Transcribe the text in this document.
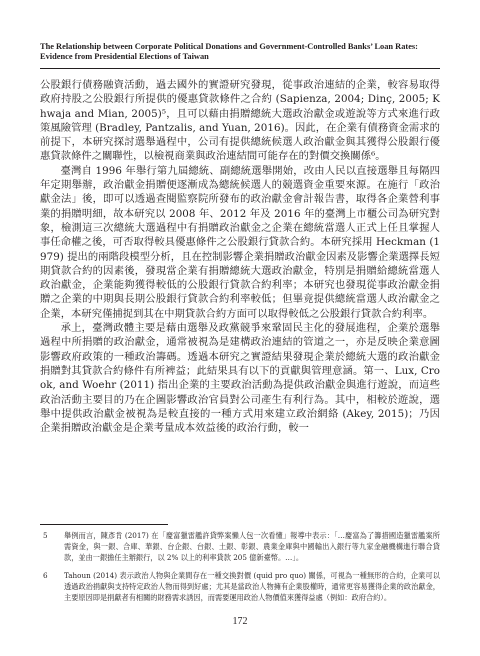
The Relationship between Corporate Political Donations and Government-Controlled Banks’ Loan Rates:
Evidence from Presidential Elections of Taiwan

公股銀行債務融資活動，過去國外的實證研究發現，從事政治連結的企業，較容易取得政府持股之公股銀行所提供的優惠貸款條件之合約 (Sapienza, 2004; Dinç, 2005; Khwaja and Mian, 2005)⁵，且可以藉由捐贈總統大選政治獻金或遊說等方式來進行政策風險管理 (Bradley, Pantzalis, and Yuan, 2016)。因此，在企業有債務資金需求的前提下，本研究探討選舉過程中，公司有提供總統候選人政治獻金與其獲得公股銀行優惠貸款條件之關聯性，以檢視商業與政治連結間可能存在的對價交換關係⁶。

臺灣自 1996 年舉行第九屆總統、副總統選舉開始，改由人民以直接選舉且每隔四年定期舉辦，政治獻金捐贈便逐漸成為總統候選人的競選資金重要來源。在施行「政治獻金法」後，即可以透過查閱監察院所發布的政治獻金會計報告書，取得各企業營利事業的捐贈明細，故本研究以 2008 年、2012 年及 2016 年的臺灣上市櫃公司為研究對象，檢測這三次總統大選過程中有捐贈政治獻金之企業在總統當選人正式上任且掌握人事任命權之後，可否取得較具優惠條件之公股銀行貸款合約。本研究採用 Heckman (1979) 提出的兩階段模型分析，且在控制影響企業捐贈政治獻金因素及影響企業選擇長短期貸款合約的因素後，發現當企業有捐贈總統大選政治獻金，特別是捐贈給總統當選人政治獻金，企業能夠獲得較低的公股銀行貸款合約利率；本研究也發現從事政治獻金捐贈之企業的中期與長期公股銀行貸款合約利率較低；但畢竟提供總統當選人政治獻金之企業，本研究僅捕捉到其在中期貸款合約方面可以取得較低之公股銀行貸款合約利率。

承上，臺灣政體主要是藉由選舉及政黨競爭來鞏固民主化的發展進程，企業於選舉過程中所捐贈的政治獻金，通常被視為是建構政治連結的管道之一，亦是反映企業意圖影響政府政策的一種政治籌碼。透過本研究之實證結果發現企業於總統大選的政治獻金捐贈對其貸款合約條件有所裨益；此結果具有以下的貢獻與管理意涵。第一、Lux, Crook, and Woehr (2011) 指出企業的主要政治活動為提供政治獻金與進行遊說，而這些政治活動主要目的乃在企圖影響政治官員對公司產生有利行為。其中，相較於遊說，選舉中提供政治獻金被視為是較直接的一種方式用來建立政治網絡 (Akey, 2015)；乃因企業捐贈政治獻金是企業考量成本效益後的政治行動，較一

5	舉例而言，陳彥肯 (2017) 在「慶富獵雷艦許貸弊案懶人包一次看懂」報導中表示：「…慶富為了籌措國造獵雷艦案所需資金，與一銀、合庫、華銀、台企銀、台銀、土銀、彰銀、農業金庫與中國輸出入銀行等九家金融機構進行聯合貸款，並由一銀擔任主辦銀行，以 2% 以上的利率貸款 205 億新臺幣。…」。
6	Tahoun (2014) 表示政治人物與企業間存在一種交換對價 (quid pro quo) 關係，可視為一種無形的合約，企業可以透過政治捐獻與支持特定政治人物而得到好處；尤其是當政治人物擁有企業股權時，通常更容易獲得企業的政治獻金，主要原因即是捐獻者有相關的財務需求誘因，而需要運用政治人物價值來獲得益處（例如：政府合約）。
172
